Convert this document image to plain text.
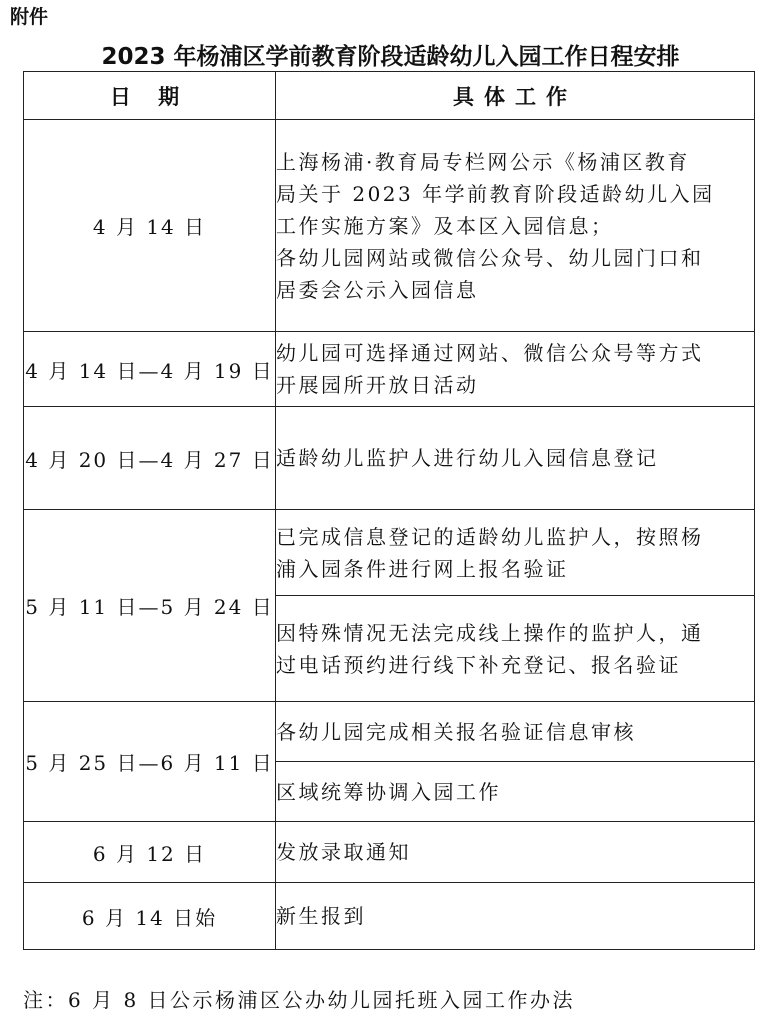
附件
2023 年杨浦区学前教育阶段适龄幼儿入园工作日程安排
日 期	具体工作
4 月 14 日	上海杨浦·教育局专栏网公示《杨浦区教育
局关于 2023 年学前教育阶段适龄幼儿入园
工作实施方案》及本区入园信息；
各幼儿园网站或微信公众号、幼儿园门口和
居委会公示入园信息

4 月 14 日—4 月 19 日	幼儿园可选择通过网站、微信公众号等方式
开展园所开放日活动

4 月 20 日—4 月 27 日	适龄幼儿监护人进行幼儿入园信息登记

5 月 11 日—5 月 24 日	已完成信息登记的适龄幼儿监护人，按照杨
浦入园条件进行网上报名验证

	因特殊情况无法完成线上操作的监护人，通
过电话预约进行线下补充登记、报名验证

5 月 25 日—6 月 11 日	各幼儿园完成相关报名验证信息审核

	区域统筹协调入园工作

6 月 12 日	发放录取通知

6 月 14 日始	新生报到
注：6 月 8 日公示杨浦区公办幼儿园托班入园工作办法
